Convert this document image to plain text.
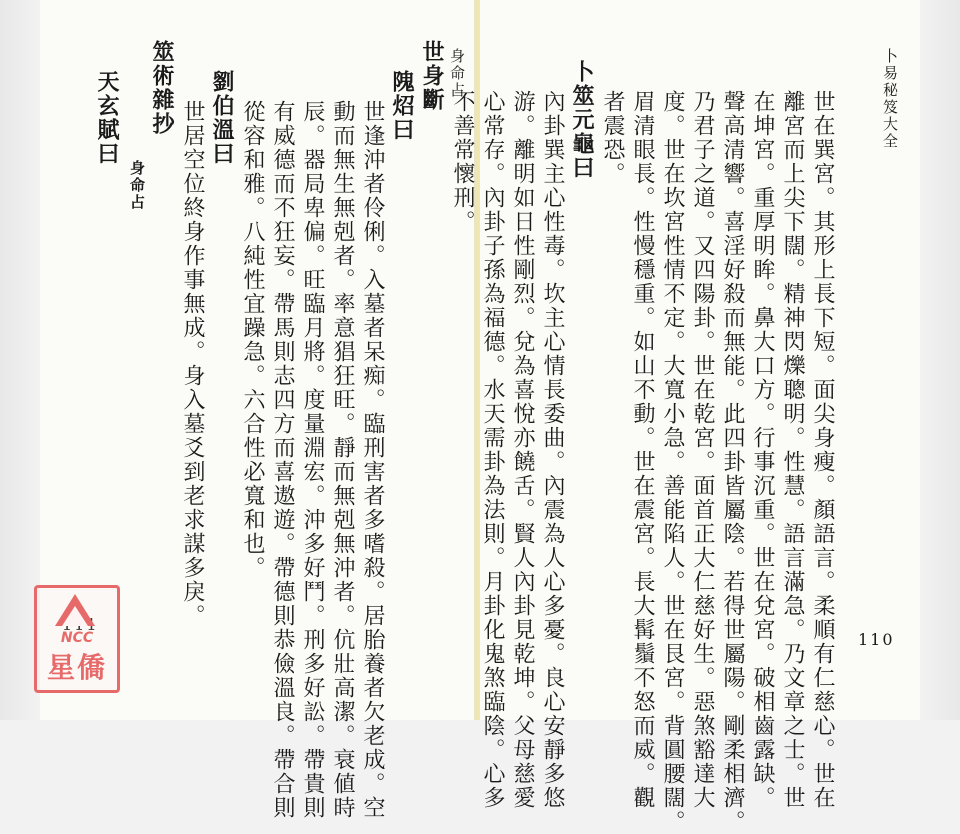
身命占
世身斷
隗炤曰
世逢沖者伶俐。入墓者呆痴。臨刑害者多嗜殺。居胎養者欠老成。空
動而無生無剋者。率意猖狂旺。靜而無剋無沖者。伉壯高潔。衰値時
辰。器局卑偏。旺臨月將。度量淵宏。沖多好鬥。刑多好訟。帶貴則
有威德而不狂妄。帶馬則志四方而喜遨遊。帶德則恭儉溫良。帶合則
從容和雅。八純性宜躁急。六合性必寬和也。
劉伯溫曰
世居空位終身作事無成。身入墓爻到老求謀多戾。
筮術雜抄
身命占
天玄賦曰
111
卜易秘笈大全
110
世在巽宮。其形上長下短。面尖身瘦。顏語言。柔順有仁慈心。世在
離宮而上尖下闊。精神閃爍聰明。性慧。語言滿急。乃文章之士。世
在坤宮。重厚明眸。鼻大口方。行事沉重。世在兌宮。破相齒露缺。
聲高清響。喜淫好殺而無能。此四卦皆屬陰。若得世屬陽。剛柔相濟。
乃君子之道。又四陽卦。世在乾宮。面首正大仁慈好生。惡煞豁達大
度。世在坎宮性情不定。大寬小急。善能陷人。世在艮宮。背圓腰闊。
眉清眼長。性慢穩重。如山不動。世在震宮。長大髯鬚不怒而威。觀
者震恐。
卜筮元龜曰
內卦巽主心性毒。坎主心情長委曲。內震為人心多憂。良心安靜多悠
游。離明如日性剛烈。兌為喜悅亦饒舌。賢人內卦見乾坤。父母慈愛
心常存。內卦子孫為福德。水天需卦為法則。月卦化鬼煞臨陰。心多
不善常懷刑。
NCC
星僑
